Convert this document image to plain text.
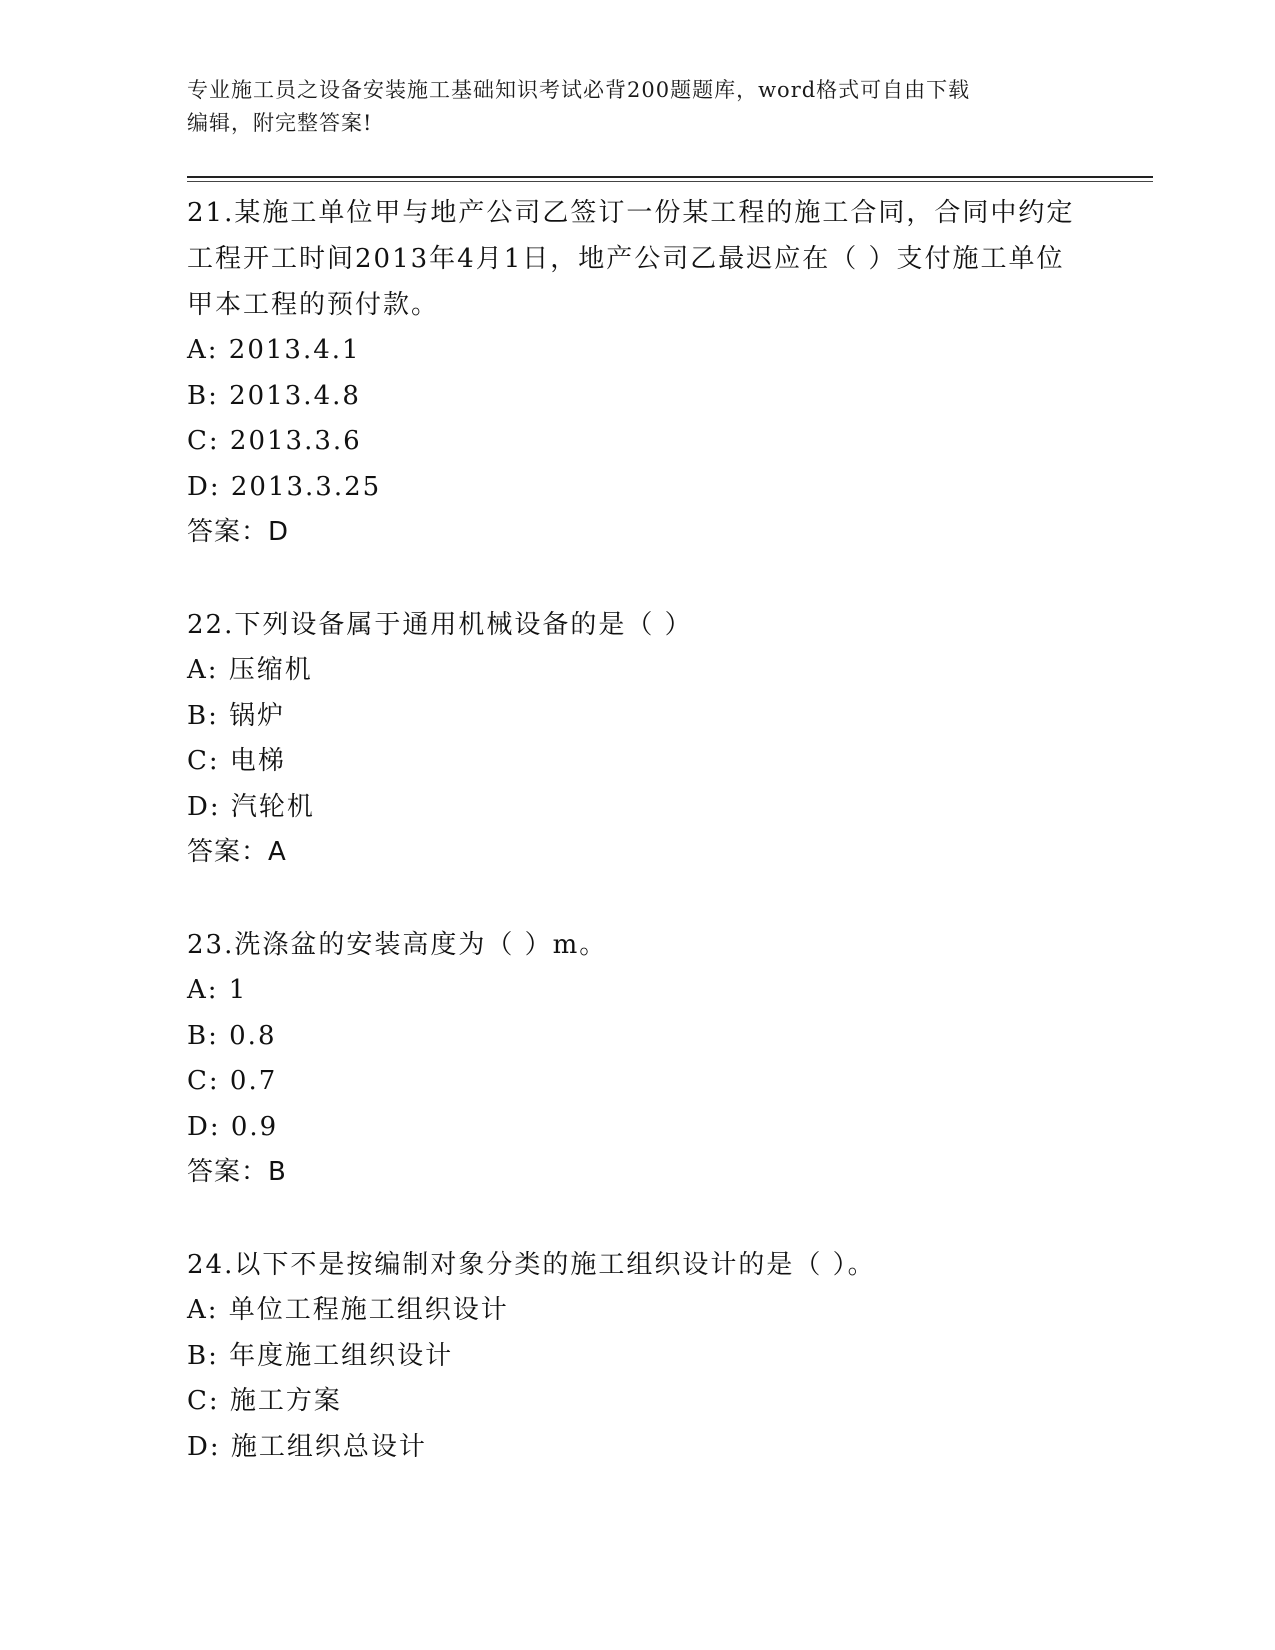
专业施工员之设备安装施工基础知识考试必背200题题库，word格式可自由下载
编辑，附完整答案!
21.某施工单位甲与地产公司乙签订一份某工程的施工合同，合同中约定工程开工时间2013年4月1日，地产公司乙最迟应在（ ）支付施工单位甲本工程的预付款。
A: 2013.4.1
B: 2013.4.8
C: 2013.3.6
D: 2013.3.25
答案：D
22.下列设备属于通用机械设备的是（ ）
A: 压缩机
B: 锅炉
C: 电梯
D: 汽轮机
答案：A
23.洗涤盆的安装高度为（ ）m。
A: 1
B: 0.8
C: 0.7
D: 0.9
答案：B
24.以下不是按编制对象分类的施工组织设计的是（ ）。
A: 单位工程施工组织设计
B: 年度施工组织设计
C: 施工方案
D: 施工组织总设计
